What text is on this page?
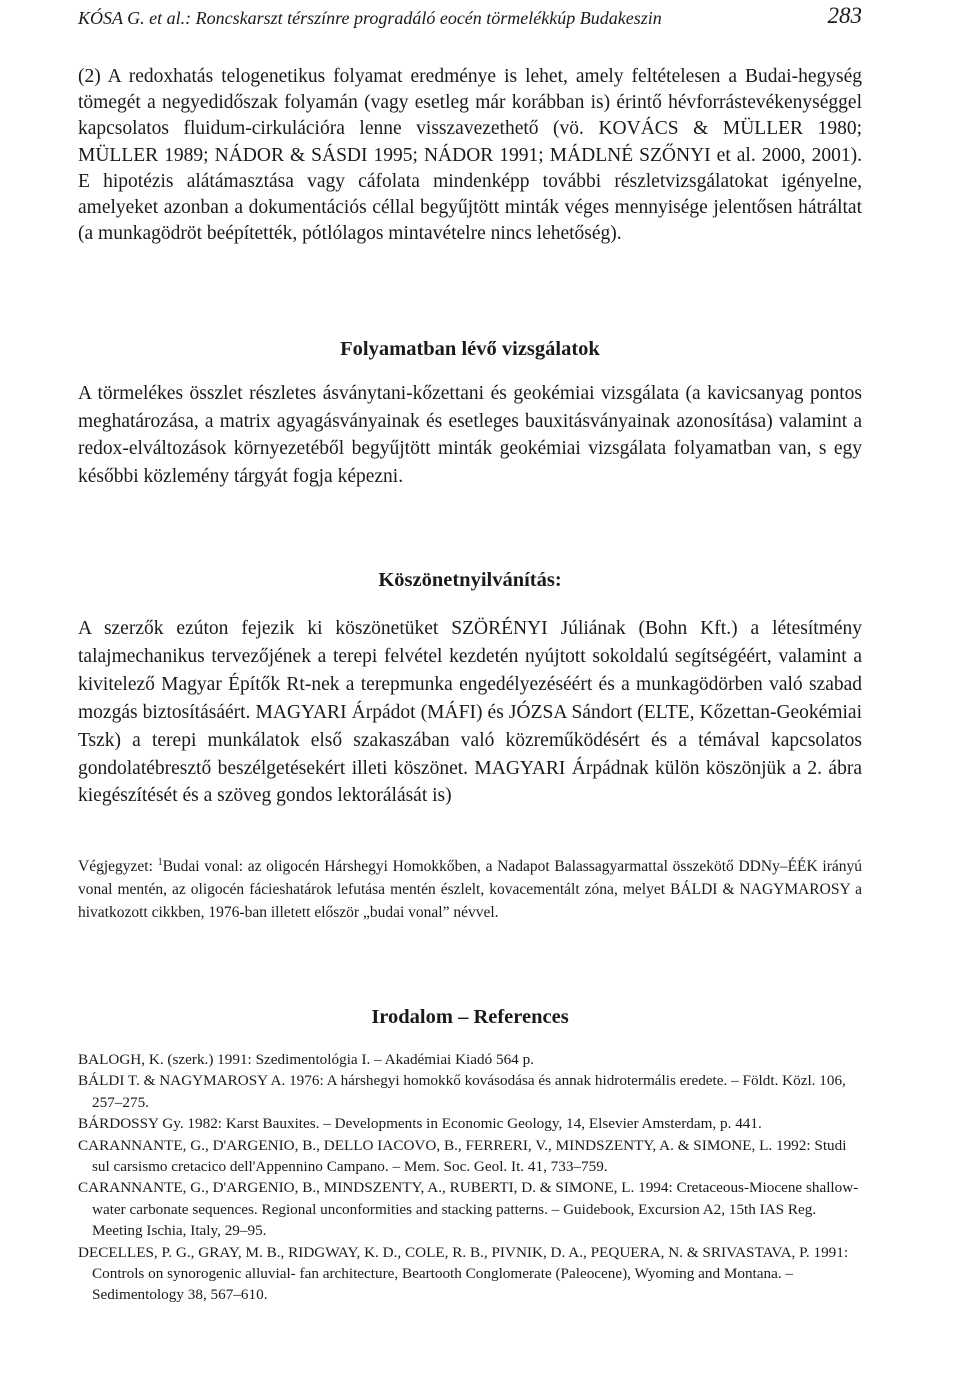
KÓSA G. et al.: Roncskarszt térszínre progradáló eocén törmelékkúp Budakeszin	283

(2) A redoxhatás telogenetikus folyamat eredménye is lehet, amely feltételesen a Budai-hegység tömegét a negyedidőszak folyamán (vagy esetleg már korábban is) érintő hévforrástevékenységgel kapcsolatos fluidum-cirkulációra lenne visszavezethető (vö. KOVÁCS & MÜLLER 1980; MÜLLER 1989; NÁDOR & SÁSDI 1995; NÁDOR 1991; MÁDLNÉ SZŐNYI et al. 2000, 2001). E hipotézis alátámasztása vagy cáfolata mindenképp további részletvizsgálatokat igényelne, amelyeket azonban a dokumentációs céllal begyűjtött minták véges mennyisége jelentősen hátráltat (a munkagödröt beépítették, pótlólagos mintavételre nincs lehetőség).

Folyamatban lévő vizsgálatok

A törmelékes összlet részletes ásványtani-kőzettani és geokémiai vizsgálata (a kavicsanyag pontos meghatározása, a matrix agyagásványainak és esetleges bauxitásványainak azonosítása) valamint a redox-elváltozások környezetéből begyűjtött minták geokémiai vizsgálata folyamatban van, s egy későbbi közlemény tárgyát fogja képezni.

Köszönetnyilvánítás:

A szerzők ezúton fejezik ki köszönetüket SZÖRÉNYI Júliának (Bohn Kft.) a létesítmény talajmechanikus tervezőjének a terepi felvétel kezdetén nyújtott sokoldalú segítségéért, valamint a kivitelező Magyar Építők Rt-nek a terepmunka engedélyezéséért és a munkagödörben való szabad mozgás biztosításáért. MAGYARI Árpádot (MÁFI) és JÓZSA Sándort (ELTE, Kőzettan-Geokémiai Tszk) a terepi munkálatok első szakaszában való közreműködésért és a témával kapcsolatos gondolatébresztő beszélgetésekért illeti köszönet. MAGYARI Árpádnak külön köszönjük a 2. ábra kiegészítését és a szöveg gondos lektorálását is)

Végjegyzet: $^1$Budai vonal: az oligocén Hárshegyi Homokkőben, a Nadapot Balassagyarmattal összekötő DDNy–ÉÉK irányú vonal mentén, az oligocén fácieshatárok lefutása mentén észlelt, kovacementált zóna, melyet BÁLDI & NAGYMAROSY a hivatkozott cikkben, 1976-ban illetett először „budai vonal” névvel.

Irodalom – References

BALOGH, K. (szerk.) 1991: Szedimentológia I. – Akadémiai Kiadó 564 p.

BÁLDI T. & NAGYMAROSY A. 1976: A hárshegyi homokkő kovásodása és annak hidrotermális eredete. – Földt. Közl. 106, 257–275.

BÁRDOSSY Gy. 1982: Karst Bauxites. – Developments in Economic Geology, 14, Elsevier Amsterdam, p. 441.

CARANNANTE, G., D'ARGENIO, B., DELLO IACOVO, B., FERRERI, V., MINDSZENTY, A. & SIMONE, L. 1992: Studi sul carsismo cretacico dell'Appennino Campano. – Mem. Soc. Geol. It. 41, 733–759.

CARANNANTE, G., D'ARGENIO, B., MINDSZENTY, A., RUBERTI, D. & SIMONE, L. 1994: Cretaceous-Miocene shallow-water carbonate sequences. Regional unconformities and stacking patterns. – Guidebook, Excursion A2, 15th IAS Reg. Meeting Ischia, Italy, 29–95.

DECELLES, P. G., GRAY, M. B., RIDGWAY, K. D., COLE, R. B., PIVNIK, D. A., PEQUERA, N. & SRIVASTAVA, P. 1991: Controls on synorogenic alluvial- fan architecture, Beartooth Conglomerate (Paleocene), Wyoming and Montana. – Sedimentology 38, 567–610.
